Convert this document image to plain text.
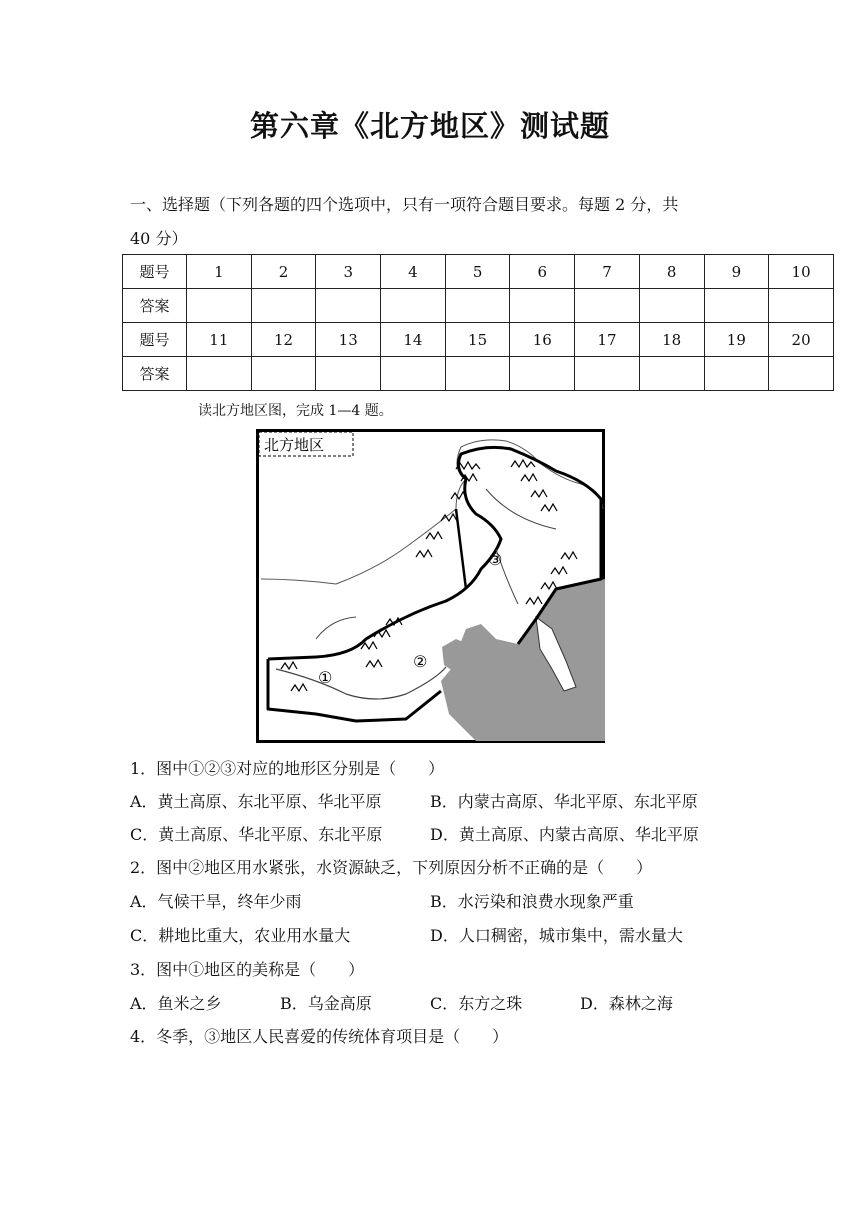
第六章《北方地区》测试题
一、选择题（下列各题的四个选项中，只有一项符合题目要求。每题 2 分，共
40 分）
题号	1	2	3	4	5	6	7	8	9	10
答案										
题号	11	12	13	14	15	16	17	18	19	20
答案										
读北方地区图，完成 1—4 题。
北方地区
①
②
③
1．图中①②③对应的地形区分别是（　　）
A．黄土高原、东北平原、华北平原	B．内蒙古高原、华北平原、东北平原
C．黄土高原、华北平原、东北平原	D．黄土高原、内蒙古高原、华北平原
2．图中②地区用水紧张，水资源缺乏，下列原因分析不正确的是（　　）
A．气候干旱，终年少雨	B．水污染和浪费水现象严重
C．耕地比重大，农业用水量大	D．人口稠密，城市集中，需水量大
3．图中①地区的美称是（　　）
A．鱼米之乡	B．乌金高原	C．东方之珠	D．森林之海
4．冬季，③地区人民喜爱的传统体育项目是（　　）
